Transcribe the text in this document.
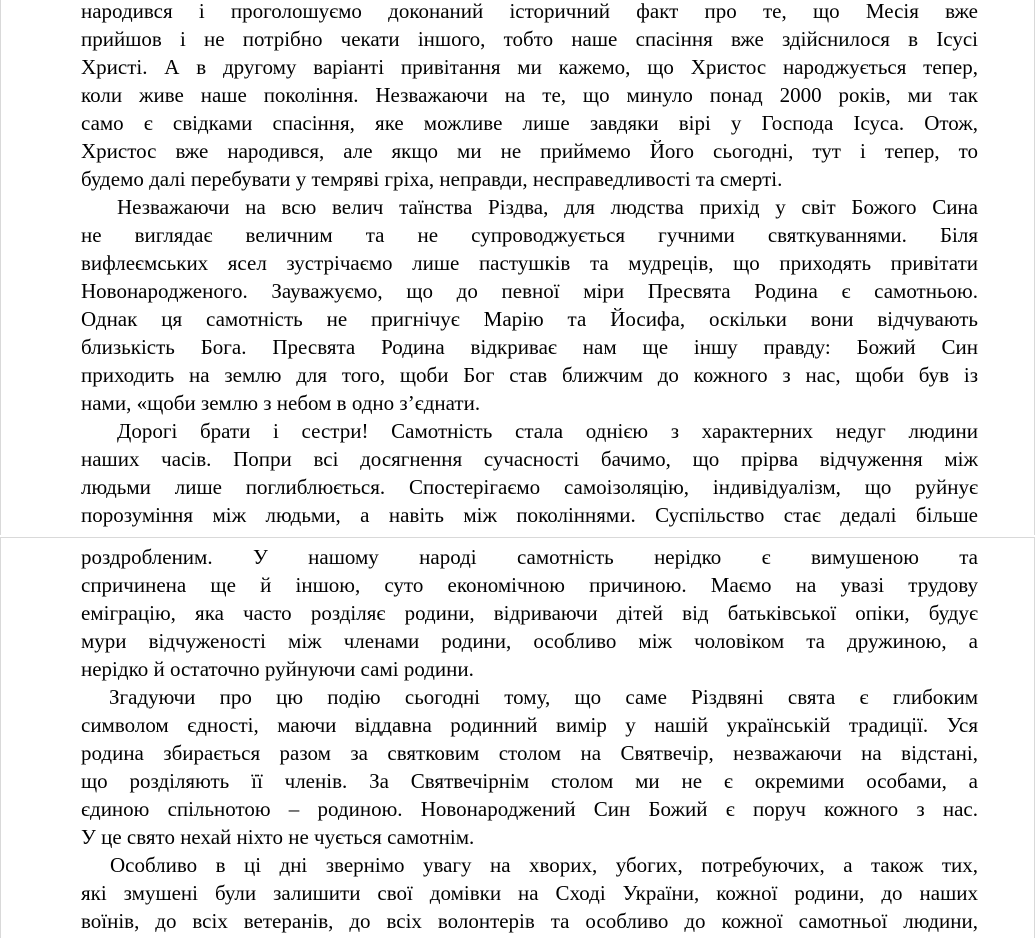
народився і проголошуємо доконаний історичний факт про те, що Месія вже
прийшов і не потрібно чекати іншого, тобто наше спасіння вже здійснилося в Ісусі
Христі. А в другому варіанті привітання ми кажемо, що Христос народжується тепер,
коли живе наше покоління. Незважаючи на те, що минуло понад 2000 років, ми так
само є свідками спасіння, яке можливе лише завдяки вірі у Господа Ісуса. Отож,
Христос вже народився, але якщо ми не приймемо Його сьогодні, тут і тепер, то
будемо далі перебувати у темряві гріха, неправди, несправедливості та смерті.
Незважаючи на всю велич таїнства Різдва, для людства прихід у світ Божого Сина
не виглядає величним та не супроводжується гучними святкуваннями. Біля
вифлеємських ясел зустрічаємо лише пастушків та мудреців, що приходять привітати
Новонародженого. Зауважуємо, що до певної міри Пресвята Родина є самотньою.
Однак ця самотність не пригнічує Марію та Йосифа, оскільки вони відчувають
близькість Бога. Пресвята Родина відкриває нам ще іншу правду: Божий Син
приходить на землю для того, щоби Бог став ближчим до кожного з нас, щоби був із
нами, «щоби землю з небом в одно з’єднати.
Дорогі брати і сестри! Самотність стала однією з характерних недуг людини
наших часів. Попри всі досягнення сучасності бачимо, що прірва відчуження між
людьми лише поглиблюється. Спостерігаємо самоізоляцію, індивідуалізм, що руйнує
порозуміння між людьми, а навіть між поколіннями. Суспільство стає дедалі більше
роздробленим. У нашому народі самотність нерідко є вимушеною та
спричинена ще й іншою, суто економічною причиною. Маємо на увазі трудову
еміграцію, яка часто розділяє родини, відриваючи дітей від батьківської опіки, будує
мури відчуженості між членами родини, особливо між чоловіком та дружиною, а
нерідко й остаточно руйнуючи самі родини.
Згадуючи про цю подію сьогодні тому, що саме Різдвяні свята є глибоким
символом єдності, маючи віддавна родинний вимір у нашій українській традиції. Уся
родина збирається разом за святковим столом на Святвечір, незважаючи на відстані,
що розділяють її членів. За Святвечірнім столом ми не є окремими особами, а
єдиною спільнотою – родиною. Новонароджений Син Божий є поруч кожного з нас.
У це свято нехай ніхто не чується самотнім.
Особливо в ці дні звернімо увагу на хворих, убогих, потребуючих, а також тих,
які змушені були залишити свої домівки на Сході України, кожної родини, до наших
воїнів, до всіх ветеранів, до всіх волонтерів та особливо до кожної самотньої людини,
